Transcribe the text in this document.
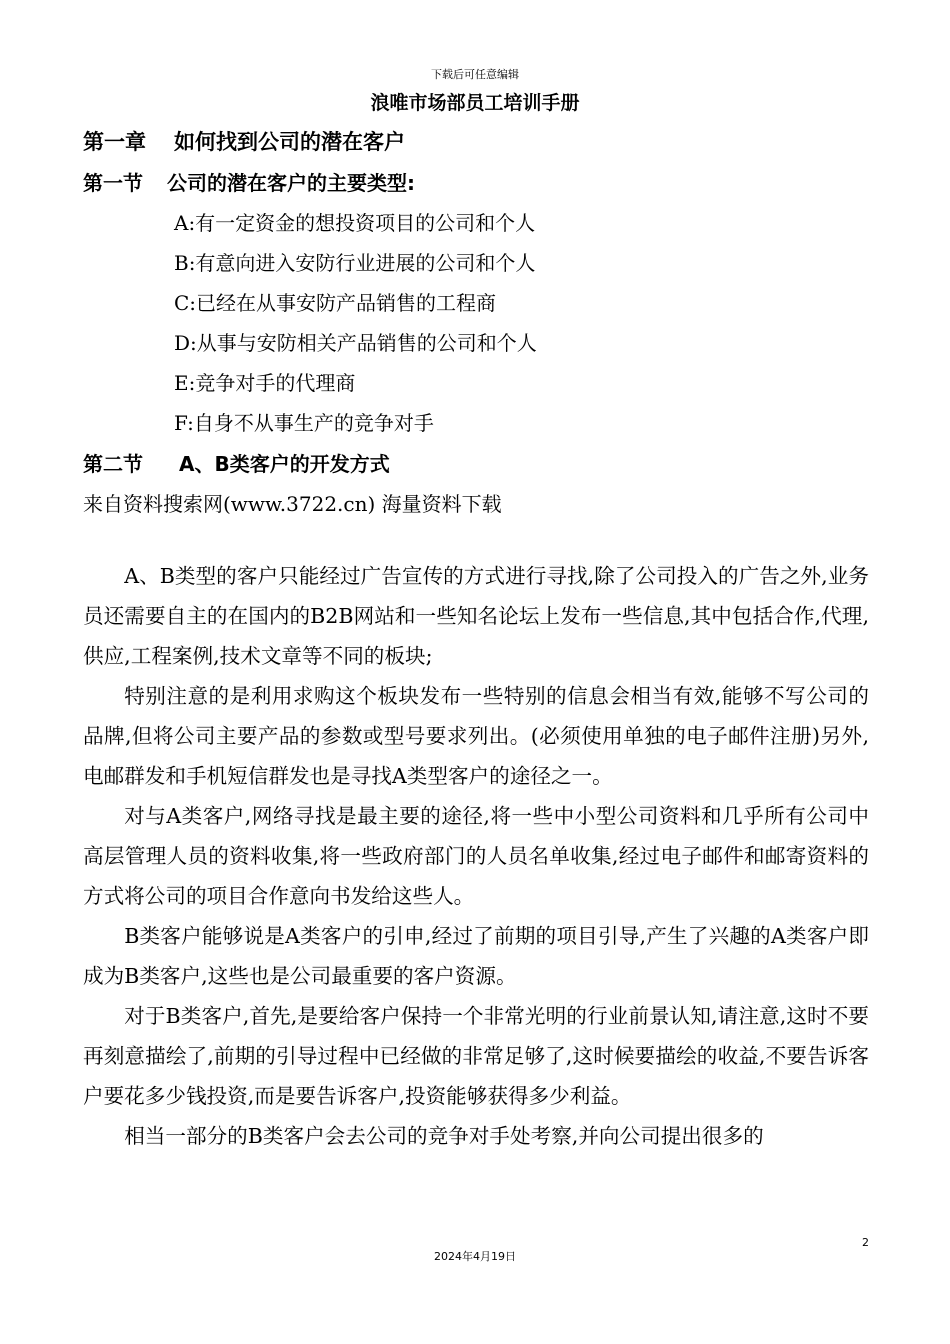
下载后可任意编辑
浪唯市场部员工培训手册
第一章 如何找到公司的潜在客户
第一节 公司的潜在客户的主要类型:
A:有一定资金的想投资项目的公司和个人
B:有意向进入安防行业进展的公司和个人
C:已经在从事安防产品销售的工程商
D:从事与安防相关产品销售的公司和个人
E:竞争对手的代理商
F:自身不从事生产的竞争对手
第二节 A、B类客户的开发方式
来自资料搜索网(www.3722.cn) 海量资料下载

A、B类型的客户只能经过广告宣传的方式进行寻找,除了公司投入的广告之外,业务员还需要自主的在国内的B2B网站和一些知名论坛上发布一些信息,其中包括合作,代理,供应,工程案例,技术文章等不同的板块;

特别注意的是利用求购这个板块发布一些特别的信息会相当有效,能够不写公司的品牌,但将公司主要产品的参数或型号要求列出。(必须使用单独的电子邮件注册)另外,电邮群发和手机短信群发也是寻找A类型客户的途径之一。

对与A类客户,网络寻找是最主要的途径,将一些中小型公司资料和几乎所有公司中高层管理人员的资料收集,将一些政府部门的人员名单收集,经过电子邮件和邮寄资料的方式将公司的项目合作意向书发给这些人。

B类客户能够说是A类客户的引申,经过了前期的项目引导,产生了兴趣的A类客户即成为B类客户,这些也是公司最重要的客户资源。

对于B类客户,首先,是要给客户保持一个非常光明的行业前景认知,请注意,这时不要再刻意描绘了,前期的引导过程中已经做的非常足够了,这时候要描绘的收益,不要告诉客户要花多少钱投资,而是要告诉客户,投资能够获得多少利益。

相当一部分的B类客户会去公司的竞争对手处考察,并向公司提出很多的

2
2024年4月19日
